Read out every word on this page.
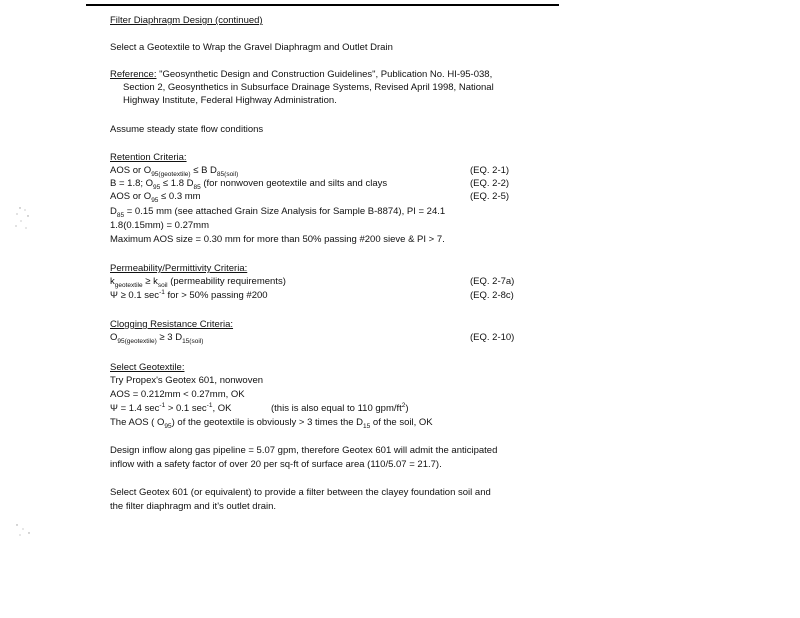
Filter Diaphragm Design (continued)
Select a Geotextile to Wrap the Gravel Diaphragm and Outlet Drain
Reference: "Geosynthetic Design and Construction Guidelines", Publication No. HI-95-038,
Section 2, Geosynthetics in Subsurface Drainage Systems, Revised April 1998, National
Highway Institute, Federal Highway Administration.
Assume steady state flow conditions
Retention Criteria:
AOS or $O_{95(geotextile)} \le B$ $D_{85(soil)}$	(EQ. 2-1)
B = 1.8; $O_{95} \le 1.8$ $D_{85}$ (for nonwoven geotextile and silts and clays	(EQ. 2-2)
AOS or $O_{95} \le 0.3$ mm	(EQ. 2-5)
$D_{85} = 0.15$ mm (see attached Grain Size Analysis for Sample B-8874), PI = 24.1
1.8(0.15mm) = 0.27mm
Maximum AOS size = 0.30 mm for more than 50% passing #200 sieve & PI > 7.
Permeability/Permittivity Criteria:
$k_{geotextile} \ge k_{soil}$ (permeability requirements)	(EQ. 2-7a)
Ψ ≥ 0.1 $\sec^{-1}$ for > 50% passing #200	(EQ. 2-8c)
Clogging Resistance Criteria:
$O_{95(geotextile)} \ge 3$ $D_{15(soil)}$	(EQ. 2-10)
Select Geotextile:
Try Propex's Geotex 601, nonwoven
AOS = 0.212mm < 0.27mm, OK
Ψ = 1.4 $\sec^{-1} > 0.1$ $\sec^{-1}$, OK	(this is also equal to 110 gpm/$ft^2$)
The AOS ( $O_{95}$) of the geotextile is obviously > 3 times the $D_{15}$ of the soil, OK
Design inflow along gas pipeline = 5.07 gpm, therefore Geotex 601 will admit the anticipated
inflow with a safety factor of over 20 per sq-ft of surface area (110/5.07 = 21.7).
Select Geotex 601 (or equivalent) to provide a filter between the clayey foundation soil and
the filter diaphragm and it's outlet drain.
